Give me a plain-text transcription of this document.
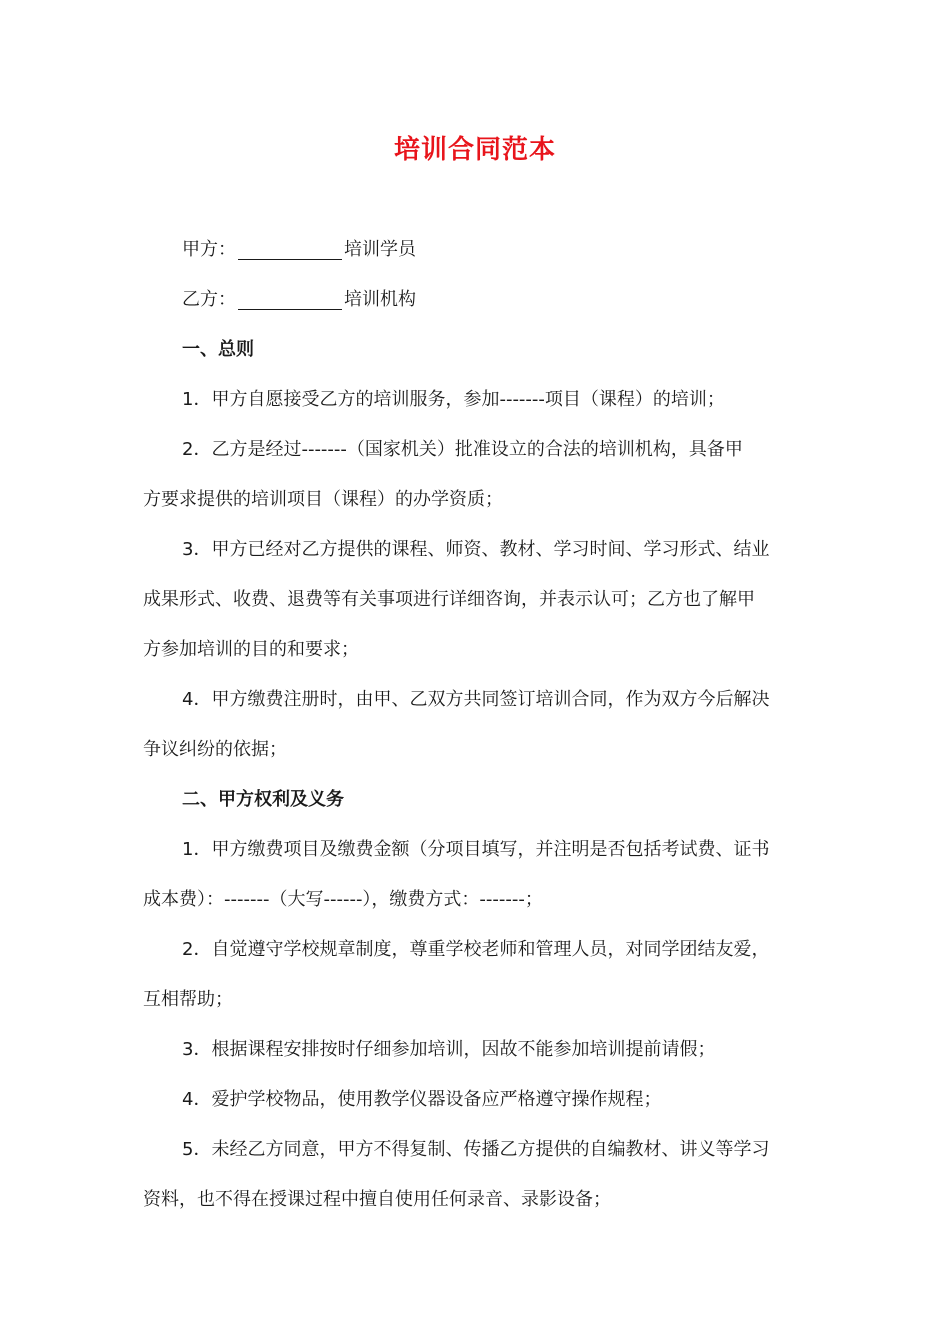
培训合同范本
甲方：	培训学员
乙方：	培训机构
一、总则
1．甲方自愿接受乙方的培训服务，参加-------项目（课程）的培训；
2．乙方是经过-------（国家机关）批准设立的合法的培训机构，具备甲
方要求提供的培训项目（课程）的办学资质；
3．甲方已经对乙方提供的课程、师资、教材、学习时间、学习形式、结业
成果形式、收费、退费等有关事项进行详细咨询，并表示认可；乙方也了解甲
方参加培训的目的和要求；
4．甲方缴费注册时，由甲、乙双方共同签订培训合同，作为双方今后解决
争议纠纷的依据；
二、甲方权利及义务
1．甲方缴费项目及缴费金额（分项目填写，并注明是否包括考试费、证书
成本费）：-------（大写------），缴费方式：-------；
2．自觉遵守学校规章制度，尊重学校老师和管理人员，对同学团结友爱，
互相帮助；
3．根据课程安排按时仔细参加培训，因故不能参加培训提前请假；
4．爱护学校物品，使用教学仪器设备应严格遵守操作规程；
5．未经乙方同意，甲方不得复制、传播乙方提供的自编教材、讲义等学习
资料，也不得在授课过程中擅自使用任何录音、录影设备；
